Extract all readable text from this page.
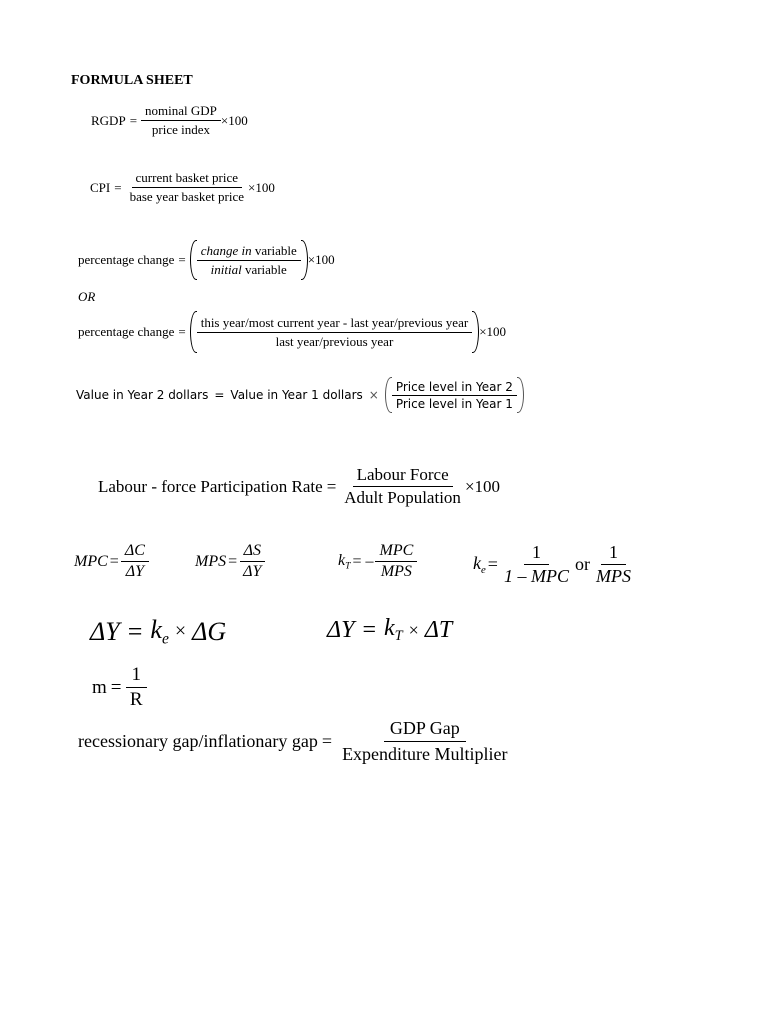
FORMULA SHEET
RGDP = $\frac{\text{nominal GDP}}{\text{price index}} \times 100$
CPI = $\frac{\text{current basket price}}{\text{base year basket price}} \times 100$
percentage change = $\frac{\text{change in variable}}{\text{initial variable}} \times 100$
OR
percentage change = $\frac{\text{this year/most current year - last year/previous year}}{\text{last year/previous year}} \times 100$
Value in Year 2 dollars = Value in Year 1 dollars × $\frac{\text{Price level in Year 2}}{\text{Price level in Year 1}}$
Labour - force Participation Rate = $\frac{\text{Labour Force}}{\text{Adult Population}} \times 100$
MPC = $\frac{\Delta C}{\Delta Y}$	MPS = $\frac{\Delta S}{\Delta Y}$	$k_T$ = – $\frac{\text{MPC}}{\text{MPS}}$	$k_e = \frac{1}{\text{1 – MPC}}$ or $\frac{1}{\text{MPS}}$
$\Delta Y = k_e \times \Delta G$	$\Delta Y = k_T \times \Delta T$
$m = \frac{1}{R}$
recessionary gap/inflationary gap = $\frac{\text{GDP Gap}}{\text{Expenditure Multiplier}}$
